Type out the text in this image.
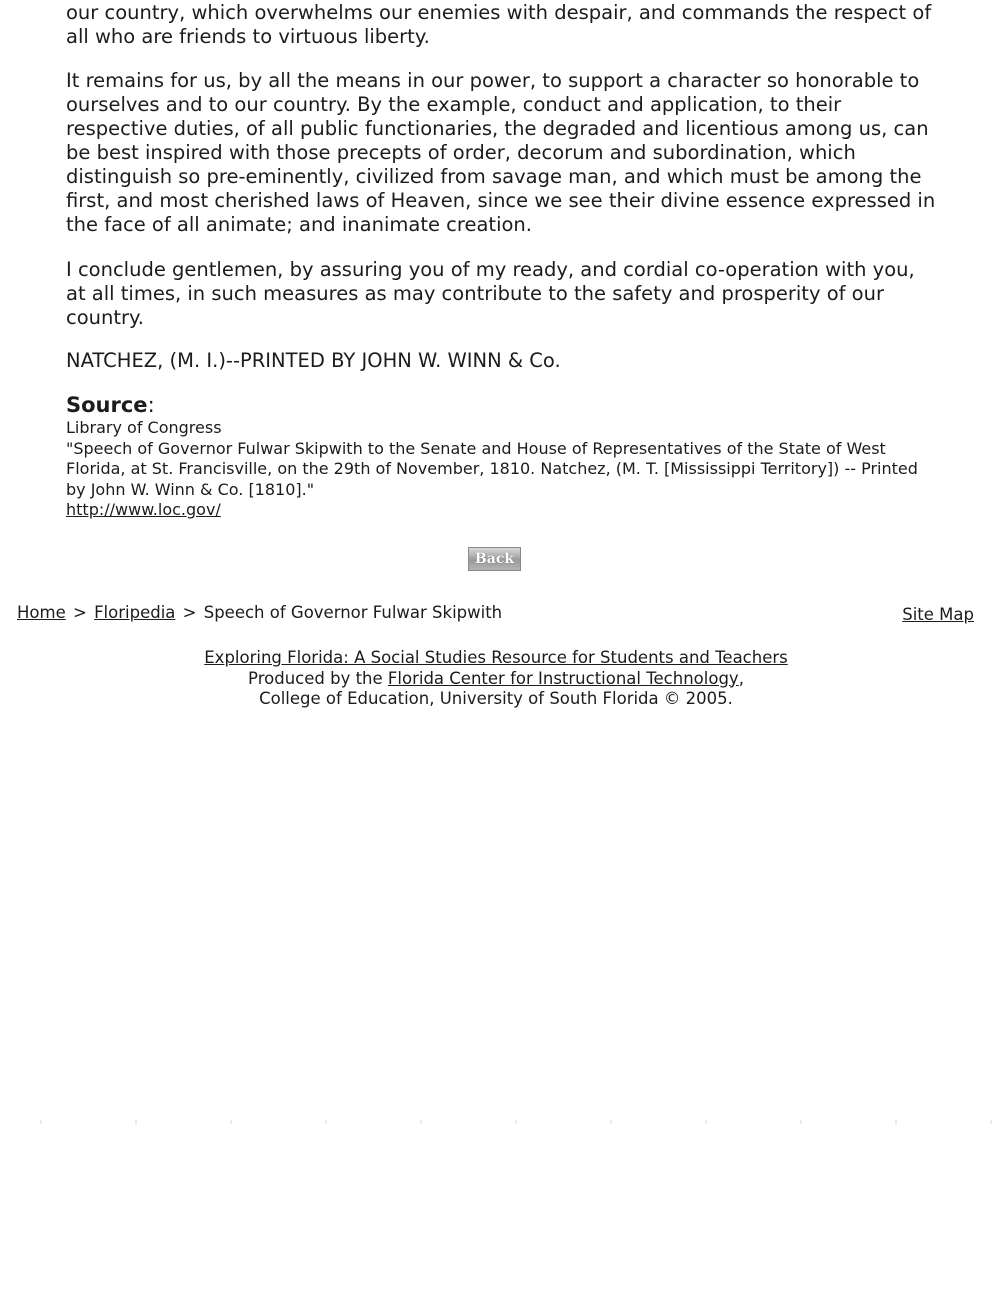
our country, which overwhelms our enemies with despair, and commands the respect of all who are friends to virtuous liberty.

It remains for us, by all the means in our power, to support a character so honorable to ourselves and to our country. By the example, conduct and application, to their respective duties, of all public functionaries, the degraded and licentious among us, can be best inspired with those precepts of order, decorum and subordination, which distinguish so pre-eminently, civilized from savage man, and which must be among the first, and most cherished laws of Heaven, since we see their divine essence expressed in the face of all animate; and inanimate creation.

I conclude gentlemen, by assuring you of my ready, and cordial co-operation with you, at all times, in such measures as may contribute to the safety and prosperity of our country.

NATCHEZ, (M. I.)--PRINTED BY JOHN W. WINN & Co.

Source:
Library of Congress
"Speech of Governor Fulwar Skipwith to the Senate and House of Representatives of the State of West Florida, at St. Francisville, on the 29th of November, 1810. Natchez, (M. T. [Mississippi Territory]) -- Printed by John W. Winn & Co. [1810]."
http://www.loc.gov/
Back
Home > Floripedia > Speech of Governor Fulwar Skipwith	Site Map
Exploring Florida: A Social Studies Resource for Students and Teachers
Produced by the Florida Center for Instructional Technology,
College of Education, University of South Florida © 2005.
